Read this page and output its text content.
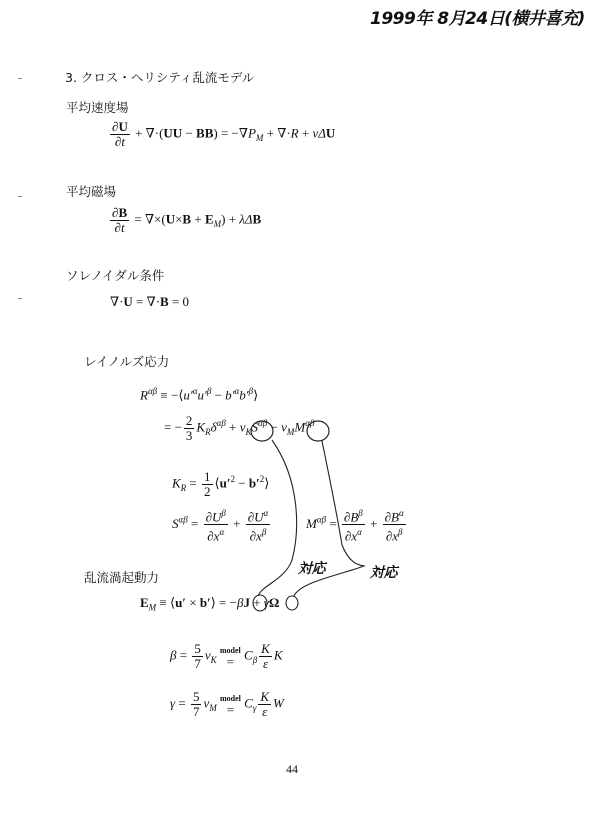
1999年 8月24日(横井喜充)
3. クロス・ヘリシティ乱流モデル
平均速度場
$\frac{\partial U}{\partial t} + \nabla\cdot(UU - BB) = -\nabla P_M + \nabla\cdot R + \nu\Delta U$
平均磁場
$\frac{\partial B}{\partial t} = \nabla\times(U\times B + E_M) + \lambda\Delta B$
ソレノイダル条件
∇·U = ∇·B = 0
レイノルズ応力
$R^{\alpha\beta}$ ≡ $-⟨u'^\alpha u'^\beta$ − $b'^\alpha b'^\beta⟩$
= − $\frac{2}{3} K_R\delta^{\alpha\beta} + \nu_KS^{\alpha\beta} - \nu_MM^{\alpha\beta}$
$K_R = \frac{1}{2}$ $⟨u'^2$ − $b'^2⟩$
$S^{\alpha\beta} = \frac{\partial U^\beta}{\partial x^\alpha} + \frac{\partial U^\alpha}{\partial x^\beta}$	$M^{\alpha\beta} = \frac{\partial B^\beta}{\partial x^\alpha} + \frac{\partial B^\alpha}{\partial x^\beta}$
乱流渦起動力
$E_M$ ≡ ⟨u′ × b′⟩ = −βJ + γΩ
$\beta = \frac{5}{7} \nu_K$
model
= $C_\beta \frac{K}{\varepsilon}$ K
$\gamma = \frac{5}{7} \nu_M$
model
= $C_\gamma \frac{K}{\varepsilon}$ W
対応	対応
44
